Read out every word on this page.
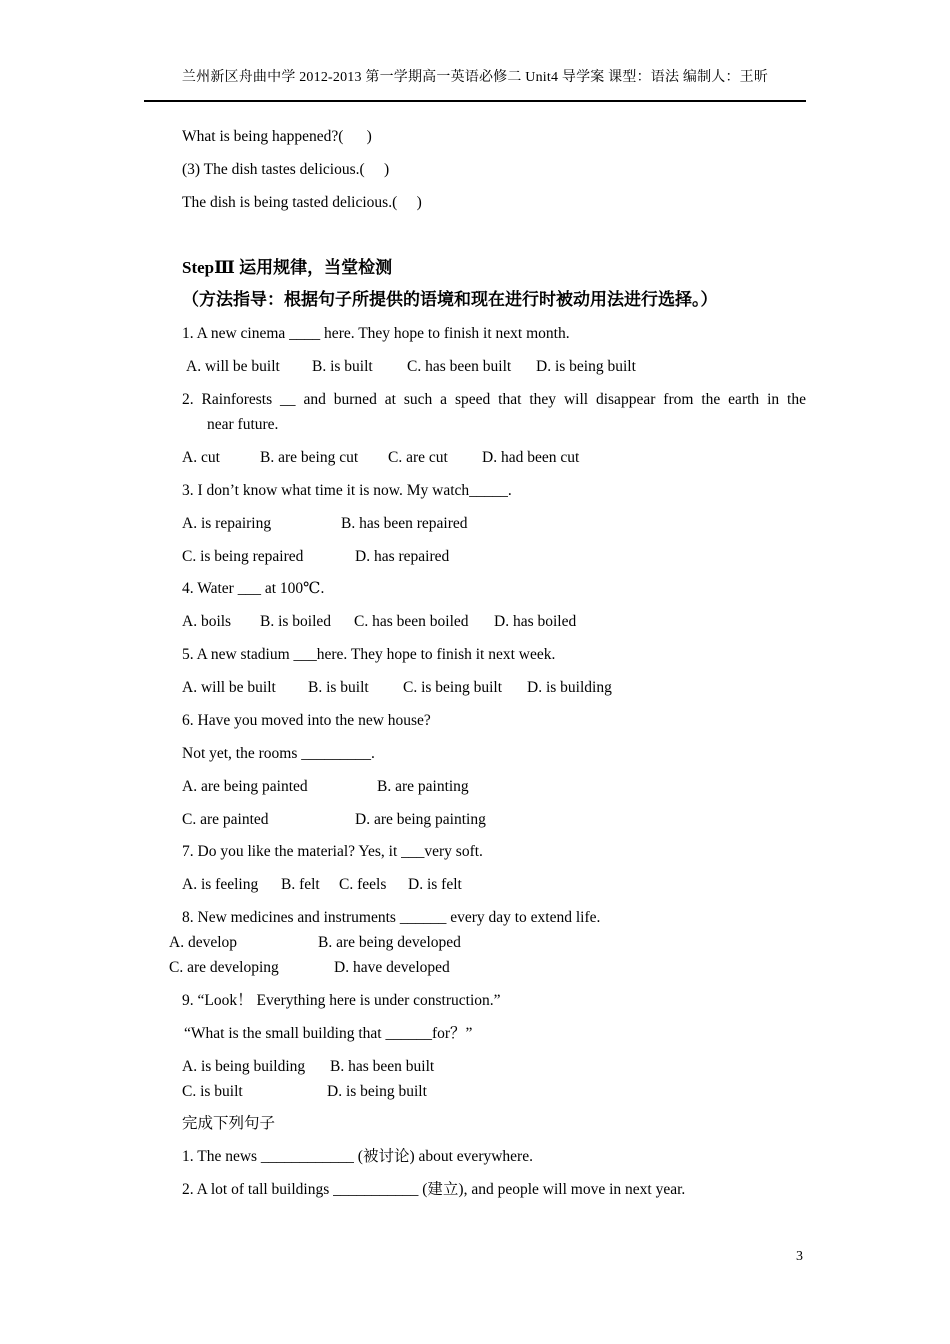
兰州新区舟曲中学 2012-2013 第一学期高一英语必修二 Unit4 导学案 课型：语法 编制人：王昕
What is being happened?(      )
(3) The dish tastes delicious.(     )
The dish is being tasted delicious.(     )
StepⅢ 运用规律，当堂检测
（方法指导：根据句子所提供的语境和现在进行时被动用法进行选择。）
1. A new cinema ____ here. They hope to finish it next month.
A. will be built B. is built C. has been built D. is being built
2. Rainforests __ and burned at such a speed that they will disappear from the earth in the
near future.
A. cut	B. are being cut C. are cut D. had been cut
3. I don’t know what time it is now. My watch_____.
A. is repairing	B. has been repaired
C. is being repaired	D. has repaired
4. Water ___ at 100℃.
A. boils B. is boiled C. has been boiled D. has boiled
5. A new stadium ___here. They hope to finish it next week.
A. will be built B. is built C. is being built D. is building
6. Have you moved into the new house?
Not yet, the rooms _________.
A. are being painted	B. are painting
C. are painted	D. are being painting
7. Do you like the material? Yes, it ___very soft.
A. is feeling B. felt C. feels D. is felt
8. New medicines and instruments ______ every day to extend life.
A. develop	B. are being developed
C. are developing	D. have developed
9. “Look！ Everything here is under construction.”
“What is the small building that ______for？”
A. is being building B. has been built
C. is built	D. is being built
完成下列句子
1. The news ____________ (被讨论) about everywhere.
2. A lot of tall buildings ___________ (建立), and people will move in next year.
3
